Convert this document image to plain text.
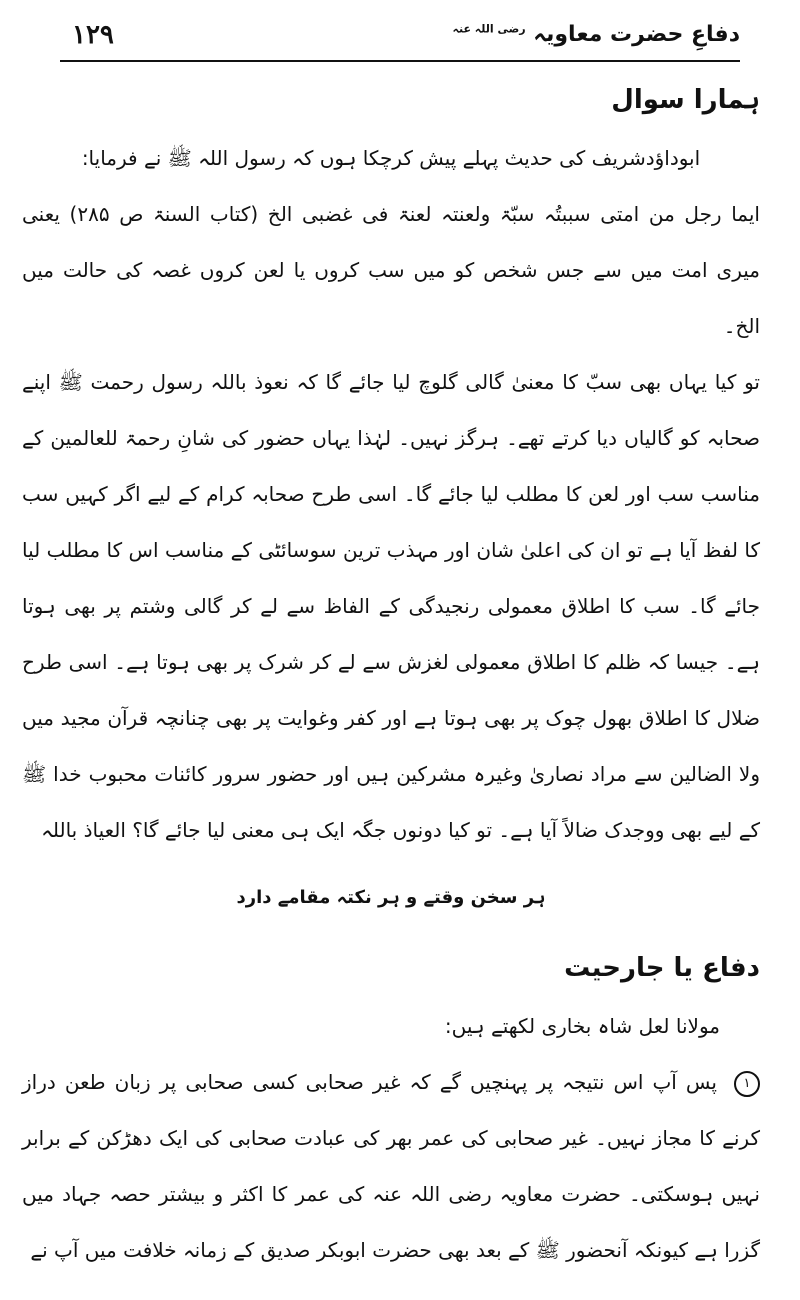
۱۲۹	دفاعِ حضرت معاویہ $^{رضی اللہ عنہ}$
ہمارا سوال

ابوداؤدشریف کی حدیث پہلے پیش کرچکا ہوں کہ رسول اللہ ﷺ نے فرمایا:

ایما رجل من امتی سببتُہ سبّۃ ولعنتہ لعنۃ فی غضبی الخ (کتاب السنۃ ص ۲۸۵) یعنی میری امت میں سے جس شخص کو میں سب کروں یا لعن کروں غصہ کی حالت میں الخ۔

تو کیا یہاں بھی سبّ کا معنیٰ گالی گلوچ لیا جائے گا کہ نعوذ باللہ رسول رحمت ﷺ اپنے صحابہ کو گالیاں دیا کرتے تھے۔ ہرگز نہیں۔ لہٰذا یہاں حضور کی شانِ رحمۃ للعالمین کے مناسب سب اور لعن کا مطلب لیا جائے گا۔ اسی طرح صحابہ کرام کے لیے اگر کہیں سب کا لفظ آیا ہے تو ان کی اعلیٰ شان اور مہذب ترین سوسائٹی کے مناسب اس کا مطلب لیا جائے گا۔ سب کا اطلاق معمولی رنجیدگی کے الفاظ سے لے کر گالی وشتم پر بھی ہوتا ہے۔ جیسا کہ ظلم کا اطلاق معمولی لغزش سے لے کر شرک پر بھی ہوتا ہے۔ اسی طرح ضلال کا اطلاق بھول چوک پر بھی ہوتا ہے اور کفر وغوایت پر بھی چنانچہ قرآن مجید میں ولا الضالین سے مراد نصاریٰ وغیرہ مشرکین ہیں اور حضور سرور کائنات محبوب خدا ﷺ کے لیے بھی ووجدک ضالاً آیا ہے۔ تو کیا دونوں جگہ ایک ہی معنی لیا جائے گا؟ العیاذ باللہ

ہر سخن وقتے و ہر نکتہ مقامے دارد

دفاع یا جارحیت

مولانا لعل شاہ بخاری لکھتے ہیں:

۱ پس آپ اس نتیجہ پر پہنچیں گے کہ غیر صحابی کسی صحابی پر زبان طعن دراز کرنے کا مجاز نہیں۔ غیر صحابی کی عمر بھر کی عبادت صحابی کی ایک دھڑکن کے برابر نہیں ہوسکتی۔ حضرت معاویہ رضی اللہ عنہ کی عمر کا اکثر و بیشتر حصہ جہاد میں گزرا ہے کیونکہ آنحضور ﷺ کے بعد بھی حضرت ابوبکر صدیق کے زمانہ خلافت میں آپ نے
